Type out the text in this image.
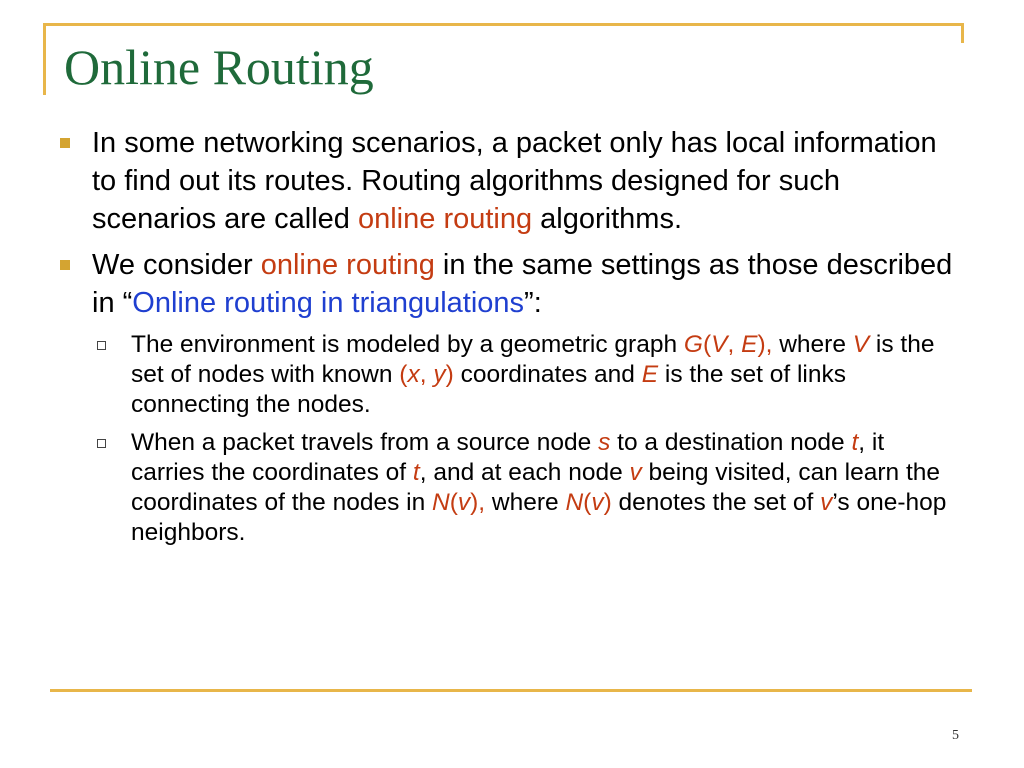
Online Routing
In some networking scenarios, a packet only has local information to find out its routes. Routing algorithms designed for such scenarios are called online routing algorithms.
We consider online routing in the same settings as those described in “Online routing in triangulations”:
The environment is modeled by a geometric graph G(V, E), where V is the set of nodes with known (x, y) coordinates and E is the set of links connecting the nodes.
When a packet travels from a source node s to a destination node t, it carries the coordinates of t, and at each node v being visited, can learn the coordinates of the nodes in N(v), where N(v) denotes the set of v’s one-hop neighbors.
5
